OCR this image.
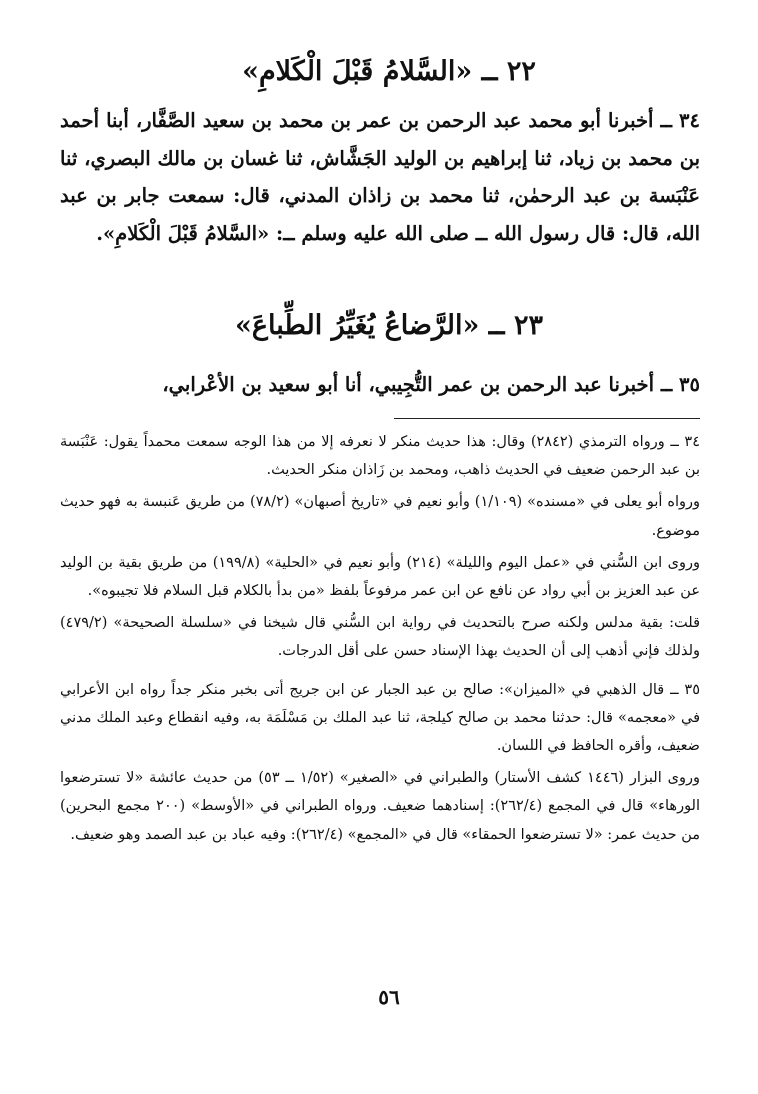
٢٢ ــ «السَّلامُ قَبْلَ الْكَلامِ»
٣٤ ــ أخبرنا أبو محمد عبد الرحمن بن عمر بن محمد بن سعيد الصَّفَّار، أبنا أحمد بن محمد بن زياد، ثنا إبراهيم بن الوليد الجَشَّاش، ثنا غسان بن مالك البصري، ثنا عَنْبَسة بن عبد الرحمٰن، ثنا محمد بن زاذان المدني، قال: سمعت جابر بن عبد الله، قال: قال رسول الله ــ صلى الله عليه وسلم ــ: «السَّلامُ قَبْلَ الْكَلامِ».
٢٣ ــ «الرَّضاعُ يُغَيِّرُ الطِّباعَ»
٣٥ ــ أخبرنا عبد الرحمن بن عمر التُّجِيبي، أنا أبو سعيد بن الأعْرابي،

٣٤ ــ ورواه الترمذي (٢٨٤٢) وقال: هذا حديث منكر لا نعرفه إلا من هذا الوجه سمعت محمداً يقول: عَنْبَسة بن عبد الرحمن ضعيف في الحديث ذاهب، ومحمد بن زَاذان منكر الحديث.

ورواه أبو يعلى في «مسنده» (١/١٠٩) وأبو نعيم في «تاريخ أصبهان» (٧٨/٢) من طريق عَنبسة به فهو حديث موضوع.

وروى ابن السُّني في «عمل اليوم والليلة» (٢١٤) وأبو نعيم في «الحلية» (١٩٩/٨) من طريق بقية بن الوليد عن عبد العزيز بن أبي رواد عن نافع عن ابن عمر مرفوعاً بلفظ «من بدأ بالكلام قبل السلام فلا تجيبوه».

قلت: بقية مدلس ولكنه صرح بالتحديث في رواية ابن السُّني قال شيخنا في «سلسلة الصحيحة» (٤٧٩/٢) ولذلك فإني أذهب إلى أن الحديث بهذا الإسناد حسن على أقل الدرجات.

٣٥ ــ قال الذهبي في «الميزان»: صالح بن عبد الجبار عن ابن جريج أتى بخبر منكر جداً رواه ابن الأعرابي في «معجمه» قال: حدثنا محمد بن صالح كيلجة، ثنا عبد الملك بن مَسْلَمَة به، وفيه انقطاع وعبد الملك مدني ضعيف، وأقره الحافظ في اللسان.

وروى البزار (١٤٤٦ كشف الأستار) والطبراني في «الصغير» (١/٥٢ ــ ٥٣) من حديث عائشة «لا تسترضعوا الورهاء» قال في المجمع (٢٦٢/٤): إسنادهما ضعيف. ورواه الطبراني في «الأوسط» (٢٠٠ مجمع البحرين) من حديث عمر: «لا تسترضعوا الحمقاء» قال في «المجمع» (٢٦٢/٤): وفيه عباد بن عبد الصمد وهو ضعيف.

٥٦
